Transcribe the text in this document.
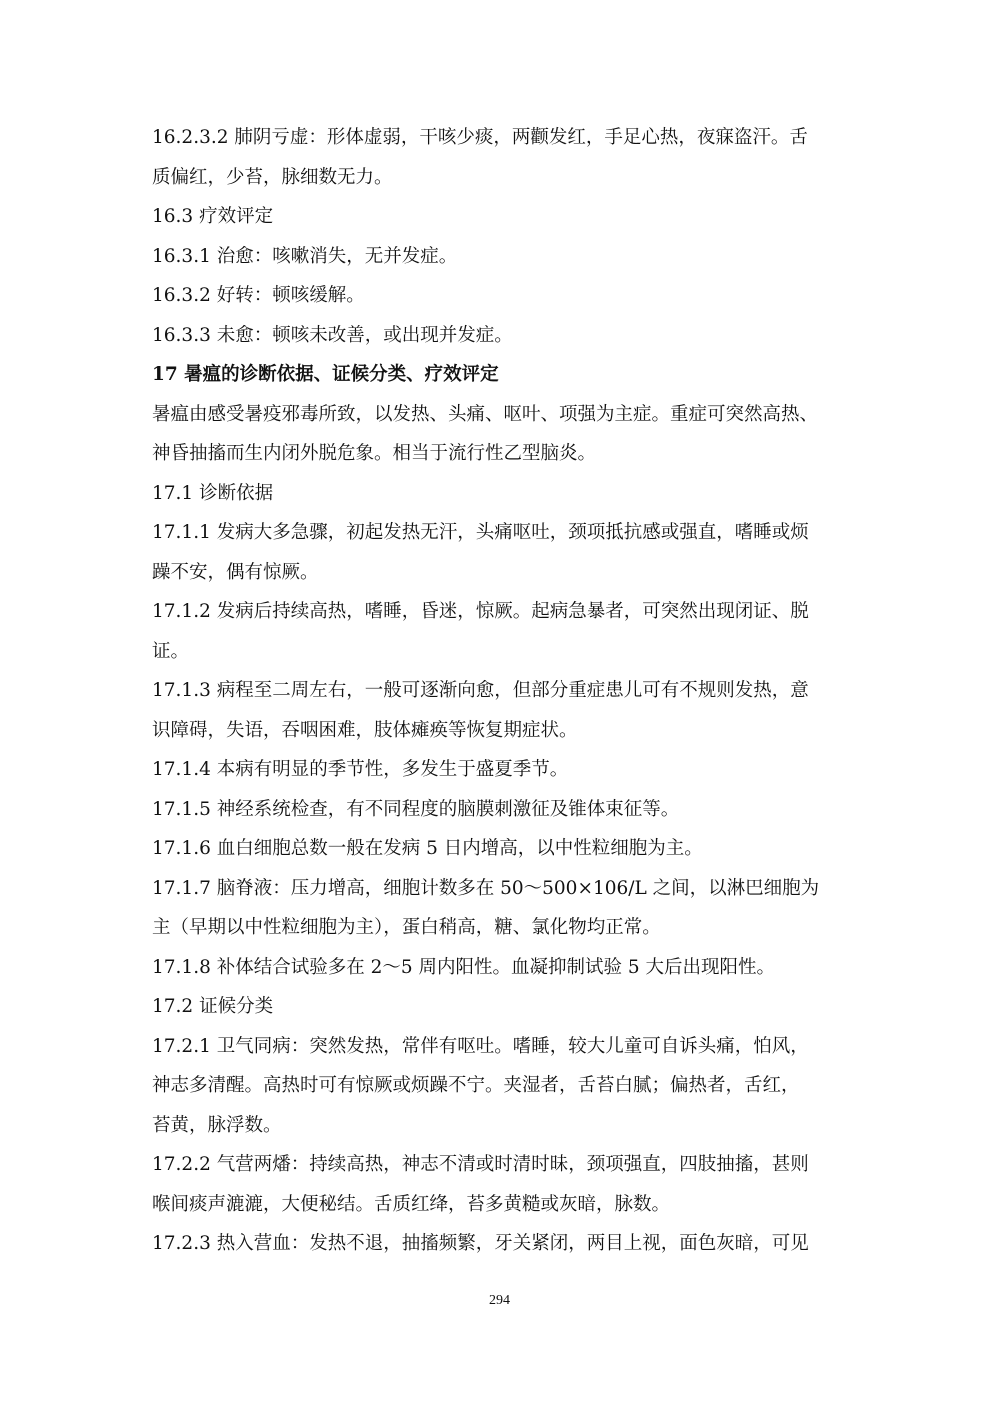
16.2.3.2 肺阴亏虚：形体虚弱，干咳少痰，两颧发红，手足心热，夜寐盗汗。舌
质偏红，少苔，脉细数无力。
16.3 疗效评定
16.3.1 治愈：咳嗽消失，无并发症。
16.3.2 好转：顿咳缓解。
16.3.3 未愈：顿咳未改善，或出现并发症。
17 暑瘟的诊断依据、证候分类、疗效评定
暑瘟由感受暑疫邪毒所致，以发热、头痛、呕叶、项强为主症。重症可突然高热、
神昏抽搐而生内闭外脱危象。相当于流行性乙型脑炎。
17.1 诊断依据
17.1.1 发病大多急骤，初起发热无汗，头痛呕吐，颈项抵抗感或强直，嗜睡或烦
躁不安，偶有惊厥。
17.1.2 发病后持续高热，嗜睡，昏迷，惊厥。起病急暴者，可突然出现闭证、脱
证。
17.1.3 病程至二周左右，一般可逐渐向愈，但部分重症患儿可有不规则发热，意
识障碍，失语，吞咽困难，肢体瘫痪等恢复期症状。
17.1.4 本病有明显的季节性，多发生于盛夏季节。
17.1.5 神经系统检查，有不同程度的脑膜刺激征及锥体束征等。
17.1.6 血白细胞总数一般在发病 5 日内增高，以中性粒细胞为主。
17.1.7 脑脊液：压力增高，细胞计数多在 50～500×106/L 之间，以淋巴细胞为
主（早期以中性粒细胞为主），蛋白稍高，糖、氯化物均正常。
17.1.8 补体结合试验多在 2～5 周内阳性。血凝抑制试验 5 大后出现阳性。
17.2 证候分类
17.2.1 卫气同病：突然发热，常伴有呕吐。嗜睡，较大儿童可自诉头痛，怕风，
神志多清醒。高热时可有惊厥或烦躁不宁。夹湿者，舌苔白腻；偏热者，舌红，
苔黄，脉浮数。
17.2.2 气营两燔：持续高热，神志不清或时清时昧，颈项强直，四肢抽搐，甚则
喉间痰声漉漉，大便秘结。舌质红绛，苔多黄糙或灰暗，脉数。
17.2.3 热入营血：发热不退，抽搐频繁，牙关紧闭，两目上视，面色灰暗，可见
294
